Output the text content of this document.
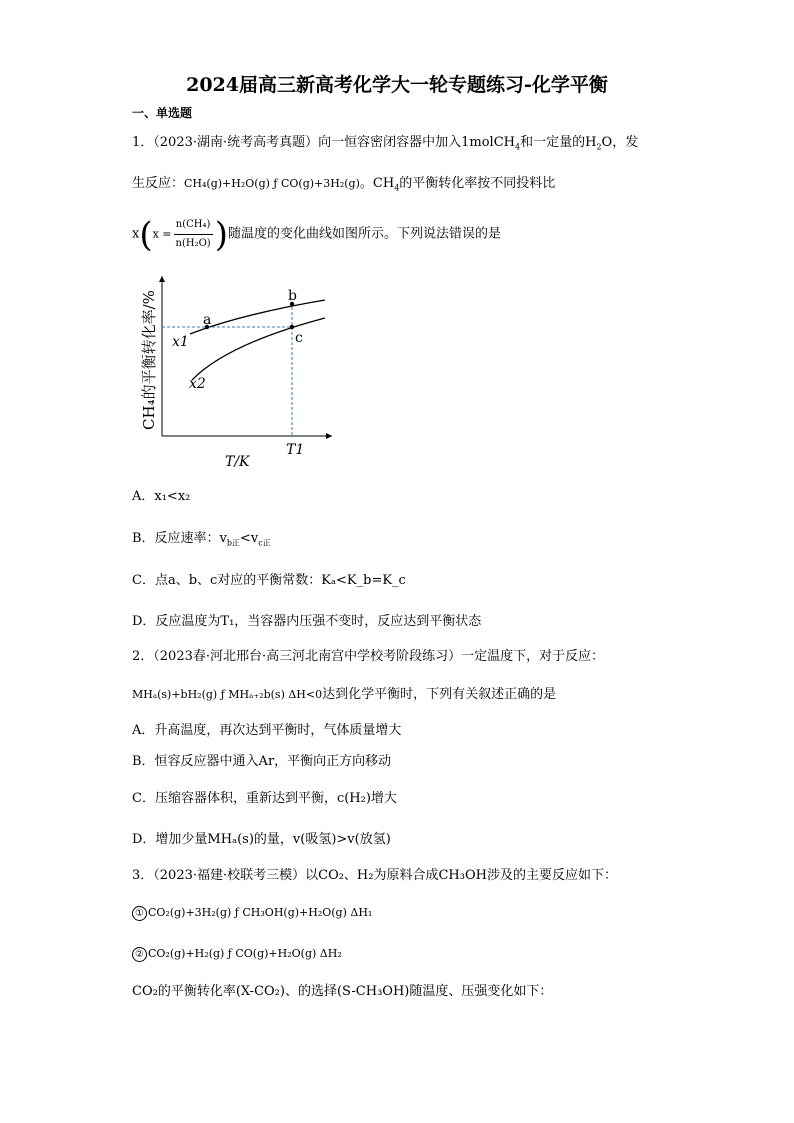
2024届高三新高考化学大一轮专题练习-化学平衡
一、单选题
1．（2023·湖南·统考高考真题）向一恒容密闭容器中加入1molCH$_4$和一定量的$H_2O$，发
生反应：CH₄(g)+H₂O(g) ƒ CO(g)+3H₂(g)。$CH_4$的平衡转化率按不同投料比
$x(x = \frac{\text{n(CH₄)}}{\text{n(H₂O)}}$ )随温度的变化曲线如图所示。下列说法错误的是
CH₄的平衡转化率/%
T/K
T1
a
b
c
x1
x2
A．x₁<x₂
B．反应速率：$v_{b正}<v_{c正}$
C．点a、b、c对应的平衡常数：Kₐ<K_b=K_c
D．反应温度为T₁，当容器内压强不变时，反应达到平衡状态
2．（2023春·河北邢台·高三河北南宫中学校考阶段练习）一定温度下，对于反应：
MHₐ(s)+bH₂(g) ƒ MHₐ₊₂b(s) ΔH<0达到化学平衡时，下列有关叙述正确的是
A．升高温度，再次达到平衡时，气体质量增大
B．恒容反应器中通入Ar，平衡向正方向移动
C．压缩容器体积，重新达到平衡，c(H₂)增大
D．增加少量MHₐ(s)的量，v(吸氢)>v(放氢)
3．（2023·福建·校联考三模）以CO₂、H₂为原料合成CH₃OH涉及的主要反应如下：
① CO₂(g)+3H₂(g) ƒ CH₃OH(g)+H₂O(g) ΔH₁
② CO₂(g)+H₂(g) ƒ CO(g)+H₂O(g) ΔH₂
CO₂的平衡转化率(X-CO₂)、的选择(S-CH₃OH)随温度、压强变化如下：
